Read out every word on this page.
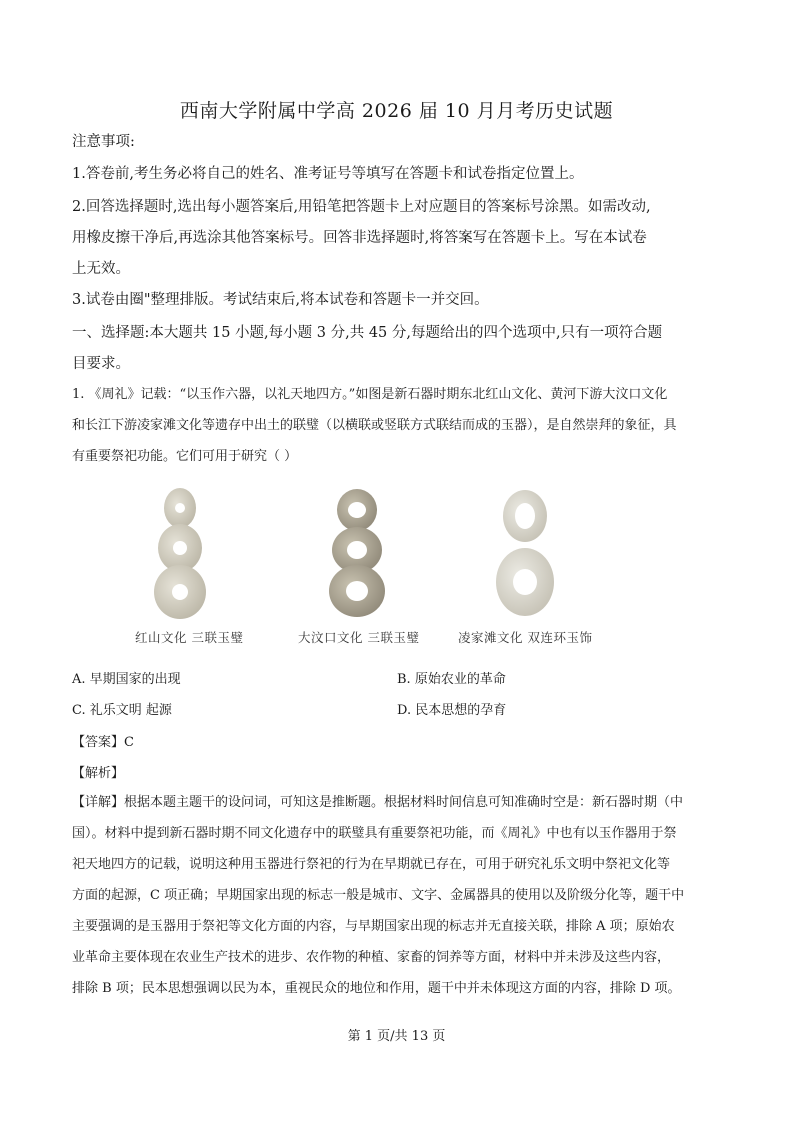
西南大学附属中学高 2026 届 10 月月考历史试题
注意事项:
1.答卷前,考生务必将自己的姓名、准考证号等填写在答题卡和试卷指定位置上。
2.回答选择题时,选出每小题答案后,用铅笔把答题卡上对应题目的答案标号涂黑。如需改动,
用橡皮擦干净后,再选涂其他答案标号。回答非选择题时,将答案写在答题卡上。写在本试卷
上无效。
3.试卷由圈"整理排版。考试结束后,将本试卷和答题卡一并交回。
一、选择题:本大题共 15 小题,每小题 3 分,共 45 分,每题给出的四个选项中,只有一项符合题
目要求。
1. 《周礼》记载：“以玉作六器，以礼天地四方。”如图是新石器时期东北红山文化、黄河下游大汶口文化
和长江下游凌家滩文化等遗存中出土的联璧（以横联或竖联方式联结而成的玉器），是自然崇拜的象征，具
有重要祭祀功能。它们可用于研究（ ）
红山文化 三联玉璧	大汶口文化 三联玉璧	凌家滩文化 双连环玉饰
A. 早期国家的出现	B. 原始农业的革命
C. 礼乐文明 起源	D. 民本思想的孕育
【答案】C
【解析】
【详解】根据本题主题干的设问词，可知这是推断题。根据材料时间信息可知准确时空是：新石器时期（中
国）。材料中提到新石器时期不同文化遗存中的联璧具有重要祭祀功能，而《周礼》中也有以玉作器用于祭
祀天地四方的记载，说明这种用玉器进行祭祀的行为在早期就已存在，可用于研究礼乐文明中祭祀文化等
方面的起源，C 项正确；早期国家出现的标志一般是城市、文字、金属器具的使用以及阶级分化等，题干中
主要强调的是玉器用于祭祀等文化方面的内容，与早期国家出现的标志并无直接关联，排除 A 项；原始农
业革命主要体现在农业生产技术的进步、农作物的种植、家畜的饲养等方面，材料中并未涉及这些内容，
排除 B 项；民本思想强调以民为本，重视民众的地位和作用，题干中并未体现这方面的内容，排除 D 项。
第 1 页/共 13 页
